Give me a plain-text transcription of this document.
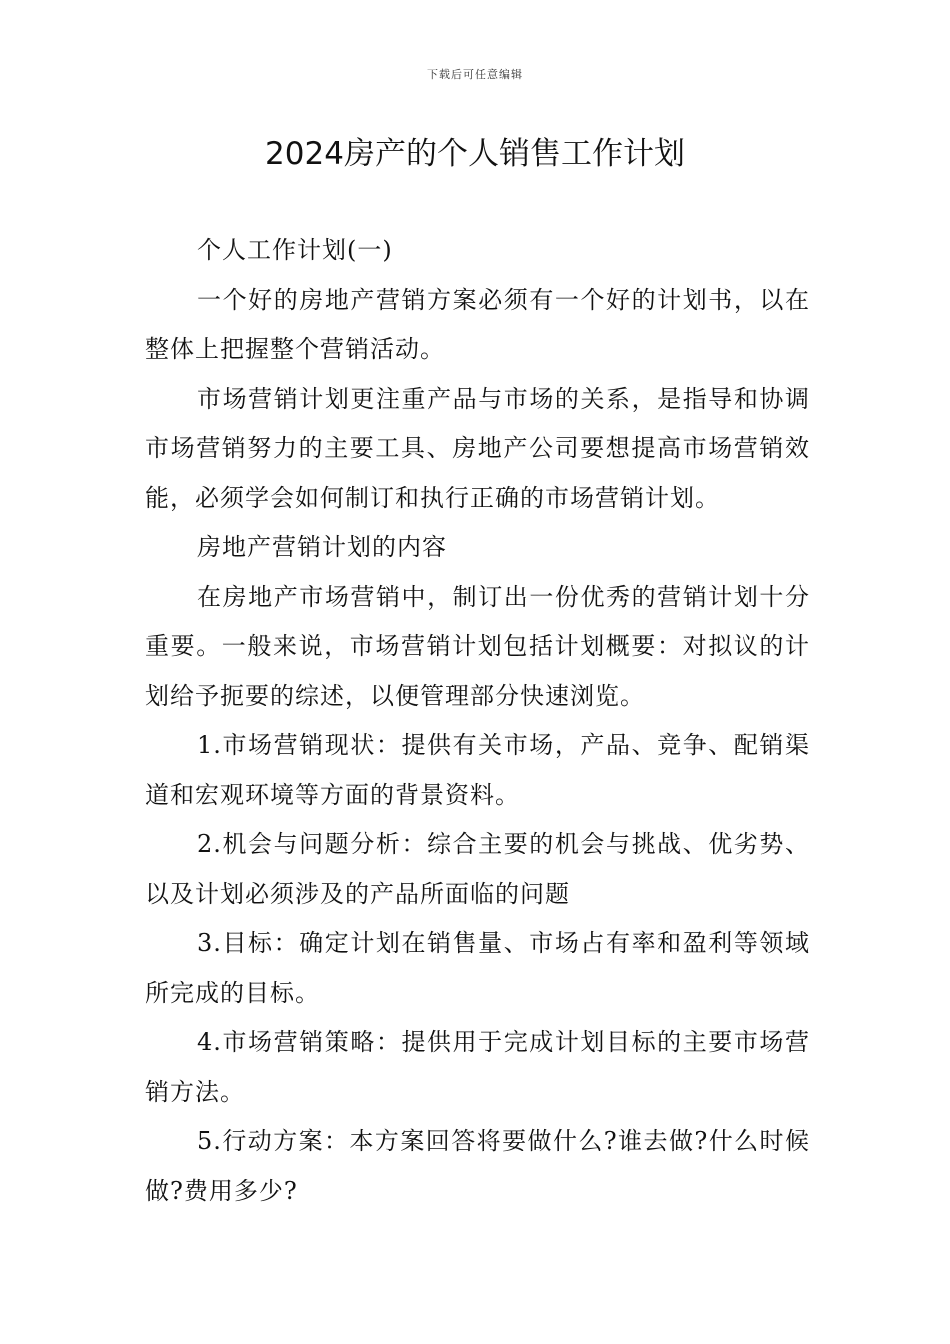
下载后可任意编辑
2024房产的个人销售工作计划

个人工作计划(一)

一个好的房地产营销方案必须有一个好的计划书，以在整体上把握整个营销活动。

市场营销计划更注重产品与市场的关系，是指导和协调市场营销努力的主要工具、房地产公司要想提高市场营销效能，必须学会如何制订和执行正确的市场营销计划。

房地产营销计划的内容

在房地产市场营销中，制订出一份优秀的营销计划十分重要。一般来说，市场营销计划包括计划概要：对拟议的计划给予扼要的综述，以便管理部分快速浏览。

1.市场营销现状：提供有关市场，产品、竞争、配销渠道和宏观环境等方面的背景资料。

2.机会与问题分析：综合主要的机会与挑战、优劣势、以及计划必须涉及的产品所面临的问题

3.目标：确定计划在销售量、市场占有率和盈利等领域所完成的目标。

4.市场营销策略：提供用于完成计划目标的主要市场营销方法。

5.行动方案：本方案回答将要做什么?谁去做?什么时候做?费用多少?
